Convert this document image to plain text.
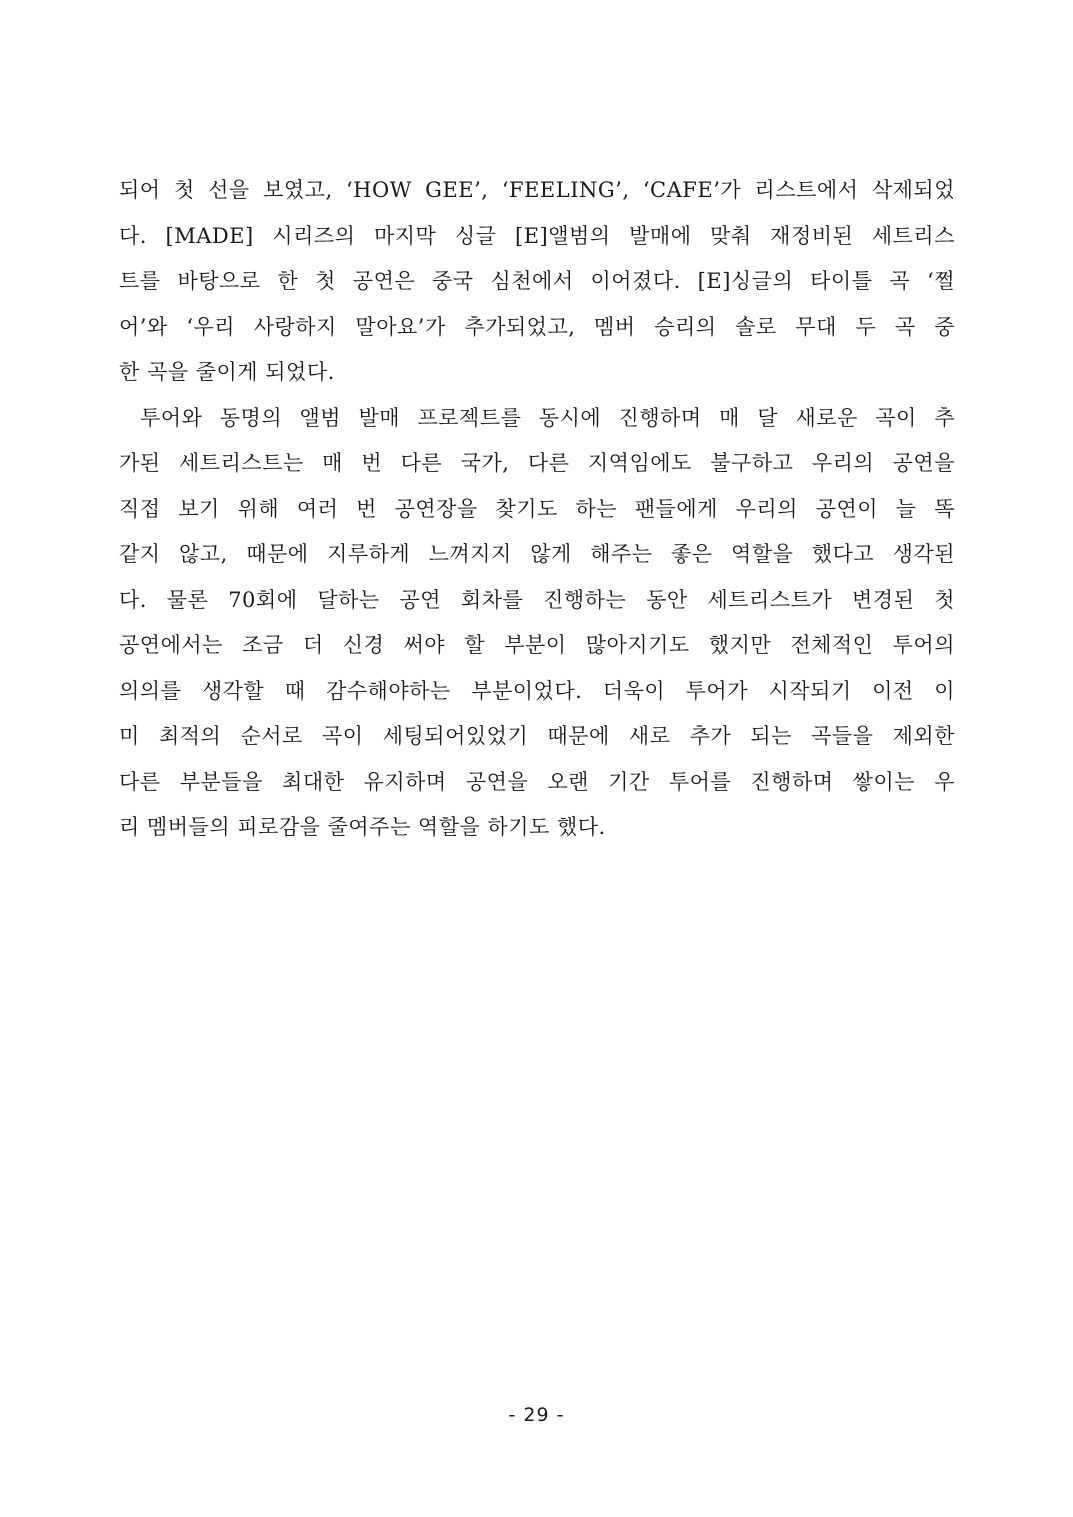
되어 첫 선을 보였고, ‘HOW GEE’, ‘FEELING’, ‘CAFE’가 리스트에서 삭제되었
다. [MADE] 시리즈의 마지막 싱글 [E]앨범의 발매에 맞춰 재정비된 세트리스
트를 바탕으로 한 첫 공연은 중국 심천에서 이어졌다. [E]싱글의 타이틀 곡 ‘쩔
어’와 ‘우리 사랑하지 말아요’가 추가되었고, 멤버 승리의 솔로 무대 두 곡 중
한 곡을 줄이게 되었다.
투어와 동명의 앨범 발매 프로젝트를 동시에 진행하며 매 달 새로운 곡이 추
가된 세트리스트는 매 번 다른 국가, 다른 지역임에도 불구하고 우리의 공연을
직접 보기 위해 여러 번 공연장을 찾기도 하는 팬들에게 우리의 공연이 늘 똑
같지 않고, 때문에 지루하게 느껴지지 않게 해주는 좋은 역할을 했다고 생각된
다. 물론 70회에 달하는 공연 회차를 진행하는 동안 세트리스트가 변경된 첫
공연에서는 조금 더 신경 써야 할 부분이 많아지기도 했지만 전체적인 투어의
의의를 생각할 때 감수해야하는 부분이었다. 더욱이 투어가 시작되기 이전 이
미 최적의 순서로 곡이 세팅되어있었기 때문에 새로 추가 되는 곡들을 제외한
다른 부분들을 최대한 유지하며 공연을 오랜 기간 투어를 진행하며 쌓이는 우
리 멤버들의 피로감을 줄여주는 역할을 하기도 했다.
- 29 -
